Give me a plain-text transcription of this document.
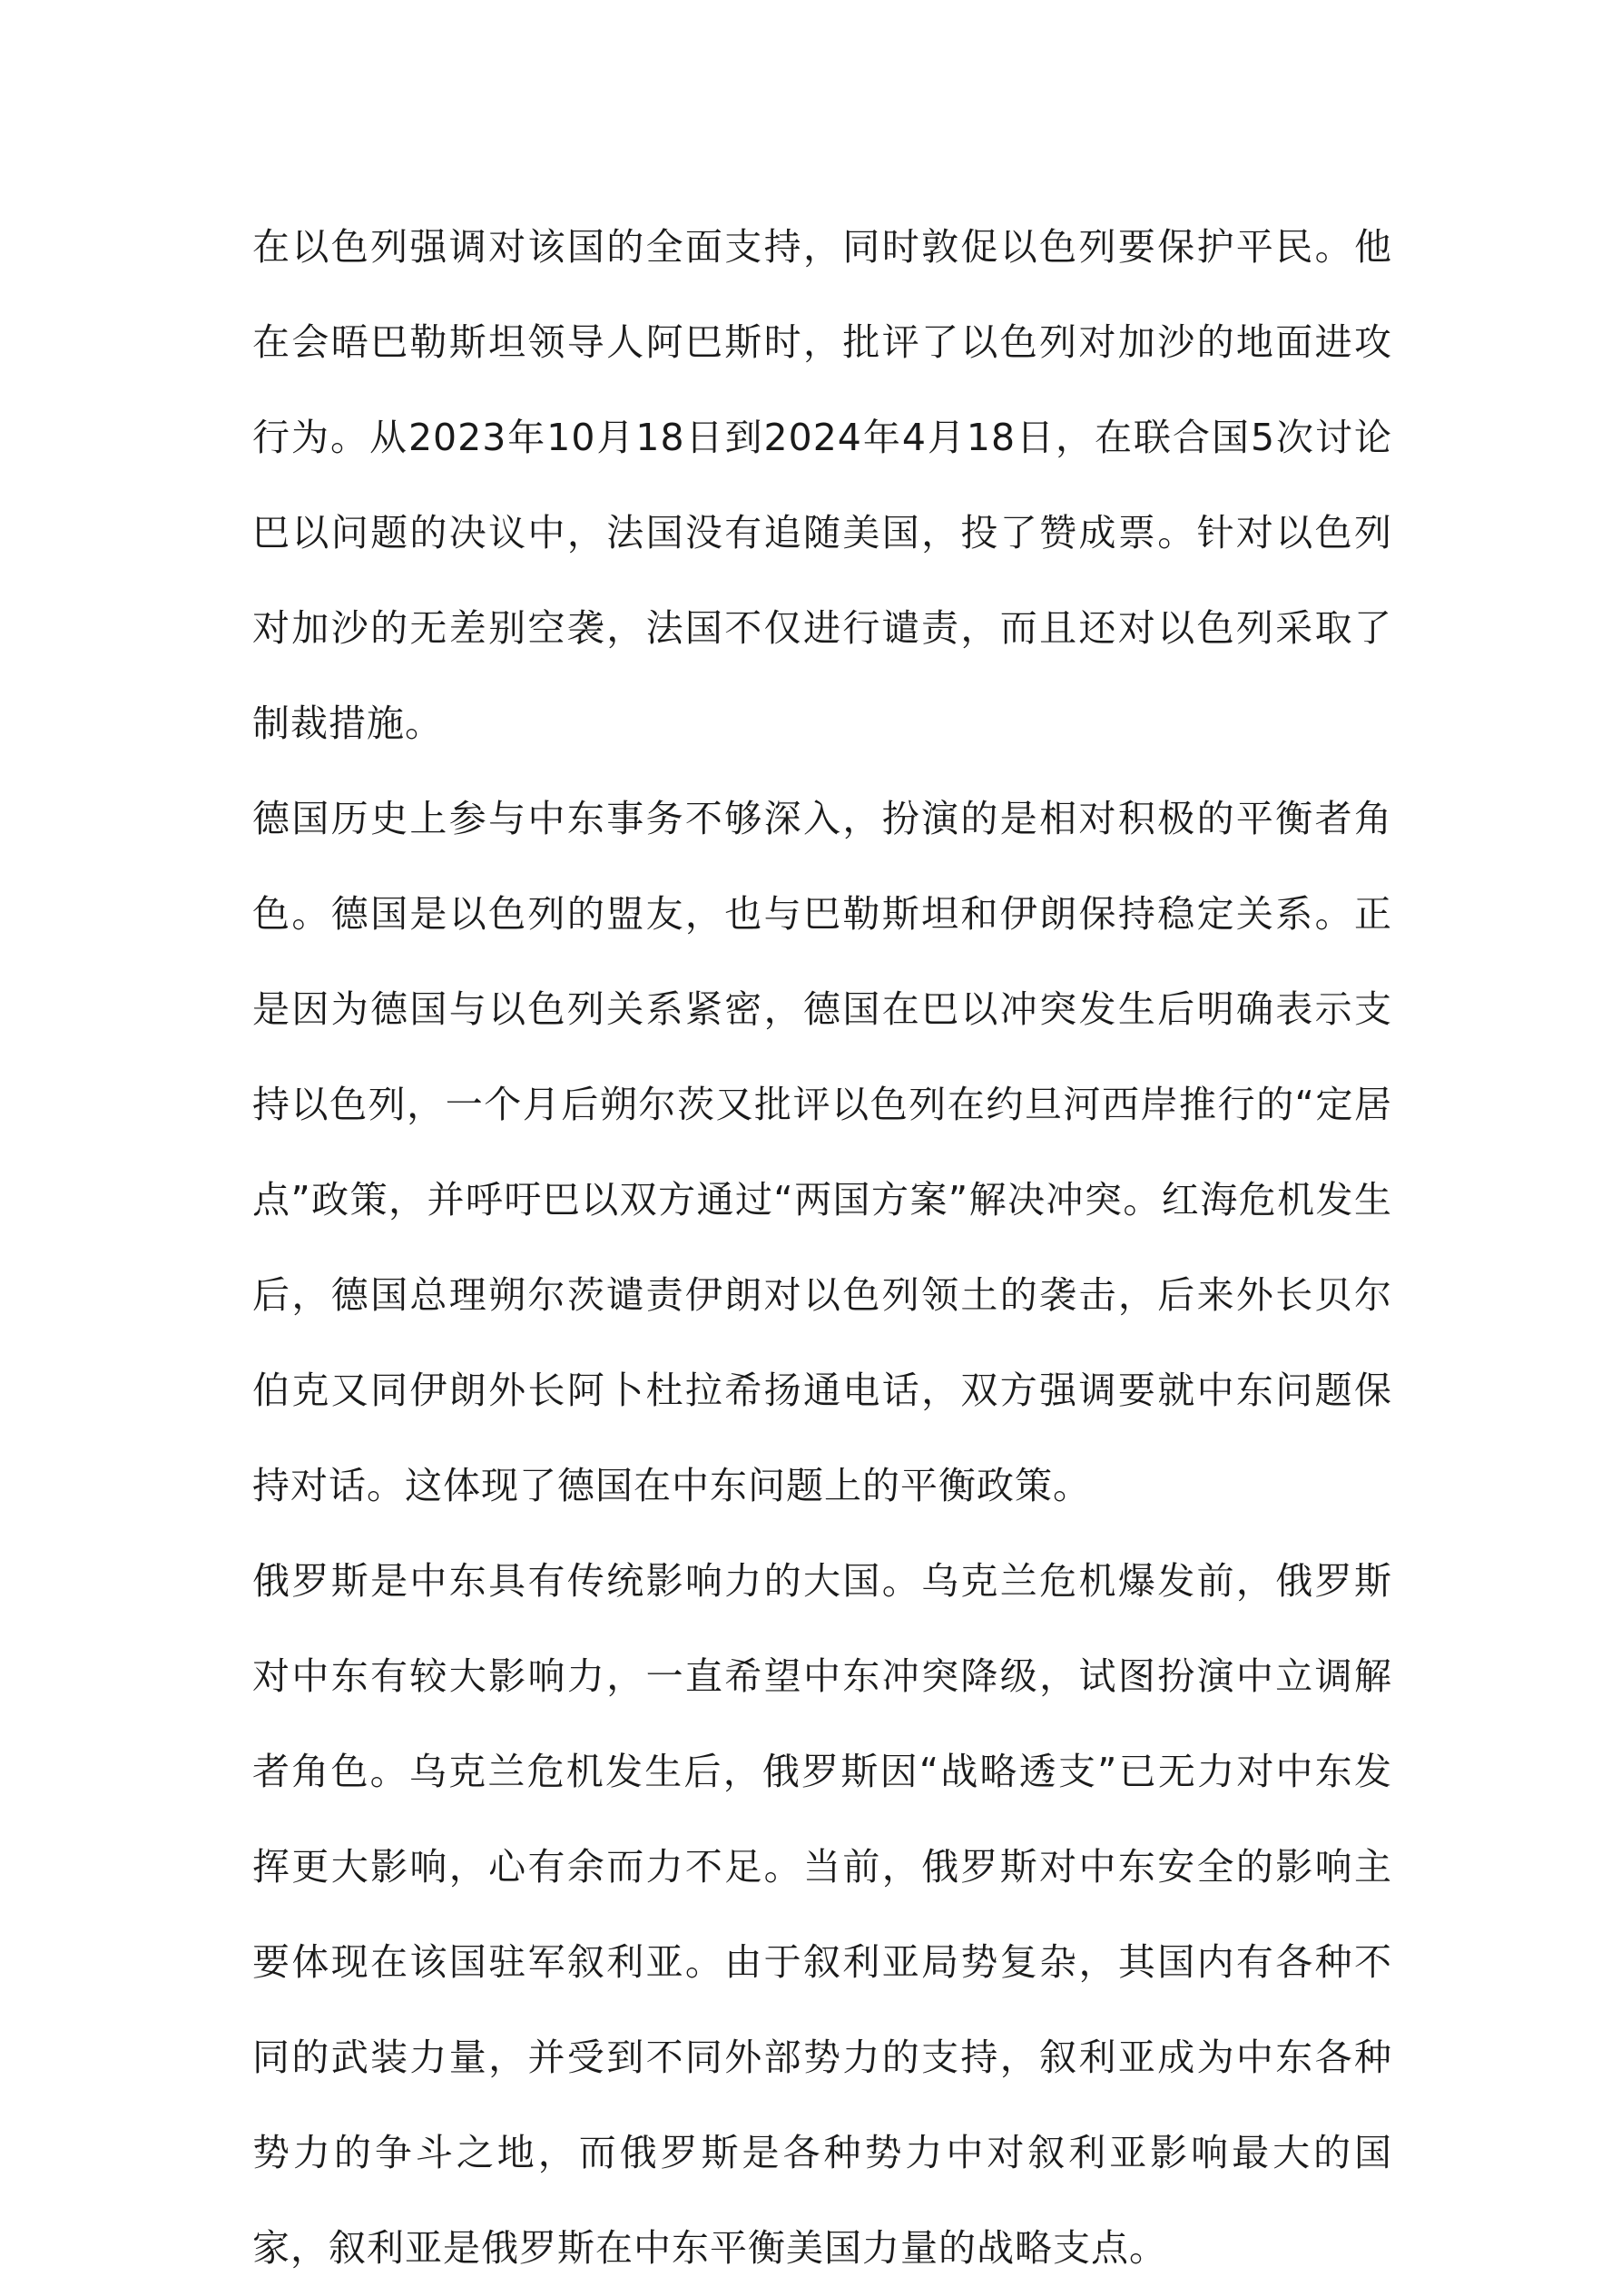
在以色列强调对该国的全面支持，同时敦促以色列要保护平民。他在会晤巴勒斯坦领导人阿巴斯时，批评了以色列对加沙的地面进攻行为。从2023年10月18日到2024年4月18日，在联合国5次讨论巴以问题的决议中，法国没有追随美国，投了赞成票。针对以色列对加沙的无差别空袭，法国不仅进行谴责，而且还对以色列采取了制裁措施。

德国历史上参与中东事务不够深入，扮演的是相对积极的平衡者角色。德国是以色列的盟友，也与巴勒斯坦和伊朗保持稳定关系。正是因为德国与以色列关系紧密，德国在巴以冲突发生后明确表示支持以色列，一个月后朔尔茨又批评以色列在约旦河西岸推行的“定居点”政策，并呼吁巴以双方通过“两国方案”解决冲突。红海危机发生后，德国总理朔尔茨谴责伊朗对以色列领土的袭击，后来外长贝尔伯克又同伊朗外长阿卜杜拉希扬通电话，双方强调要就中东问题保持对话。这体现了德国在中东问题上的平衡政策。

俄罗斯是中东具有传统影响力的大国。乌克兰危机爆发前，俄罗斯对中东有较大影响力，一直希望中东冲突降级，试图扮演中立调解者角色。乌克兰危机发生后，俄罗斯因“战略透支”已无力对中东发挥更大影响，心有余而力不足。当前，俄罗斯对中东安全的影响主要体现在该国驻军叙利亚。由于叙利亚局势复杂，其国内有各种不同的武装力量，并受到不同外部势力的支持，叙利亚成为中东各种势力的争斗之地，而俄罗斯是各种势力中对叙利亚影响最大的国家，叙利亚是俄罗斯在中东平衡美国力量的战略支点。
